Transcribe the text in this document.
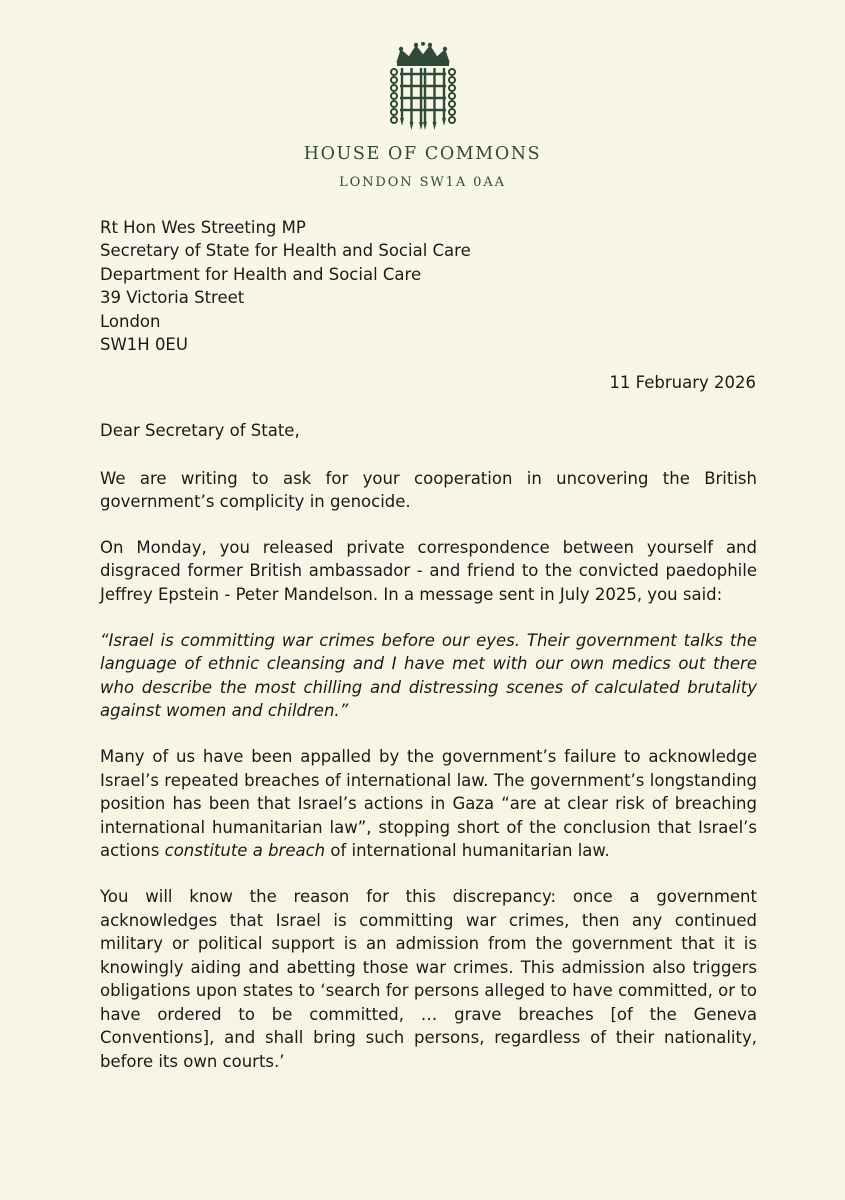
HOUSE OF COMMONS
LONDON SW1A 0AA
Rt Hon Wes Streeting MP
Secretary of State for Health and Social Care
Department for Health and Social Care
39 Victoria Street
London
SW1H 0EU
11 February 2026

Dear Secretary of State,

We are writing to ask for your cooperation in uncovering the British government’s complicity in genocide.

On Monday, you released private correspondence between yourself and disgraced former British ambassador - and friend to the convicted paedophile Jeffrey Epstein - Peter Mandelson. In a message sent in July 2025, you said:

“Israel is committing war crimes before our eyes. Their government talks the language of ethnic cleansing and I have met with our own medics out there who describe the most chilling and distressing scenes of calculated brutality against women and children.”

Many of us have been appalled by the government’s failure to acknowledge Israel’s repeated breaches of international law. The government’s longstanding position has been that Israel’s actions in Gaza “are at clear risk of breaching international humanitarian law”, stopping short of the conclusion that Israel’s actions constitute a breach of international humanitarian law.

You will know the reason for this discrepancy: once a government acknowledges that Israel is committing war crimes, then any continued military or political support is an admission from the government that it is knowingly aiding and abetting those war crimes. This admission also triggers obligations upon states to ‘search for persons alleged to have committed, or to have ordered to be committed, … grave breaches [of the Geneva Conventions], and shall bring such persons, regardless of their nationality, before its own courts.’
